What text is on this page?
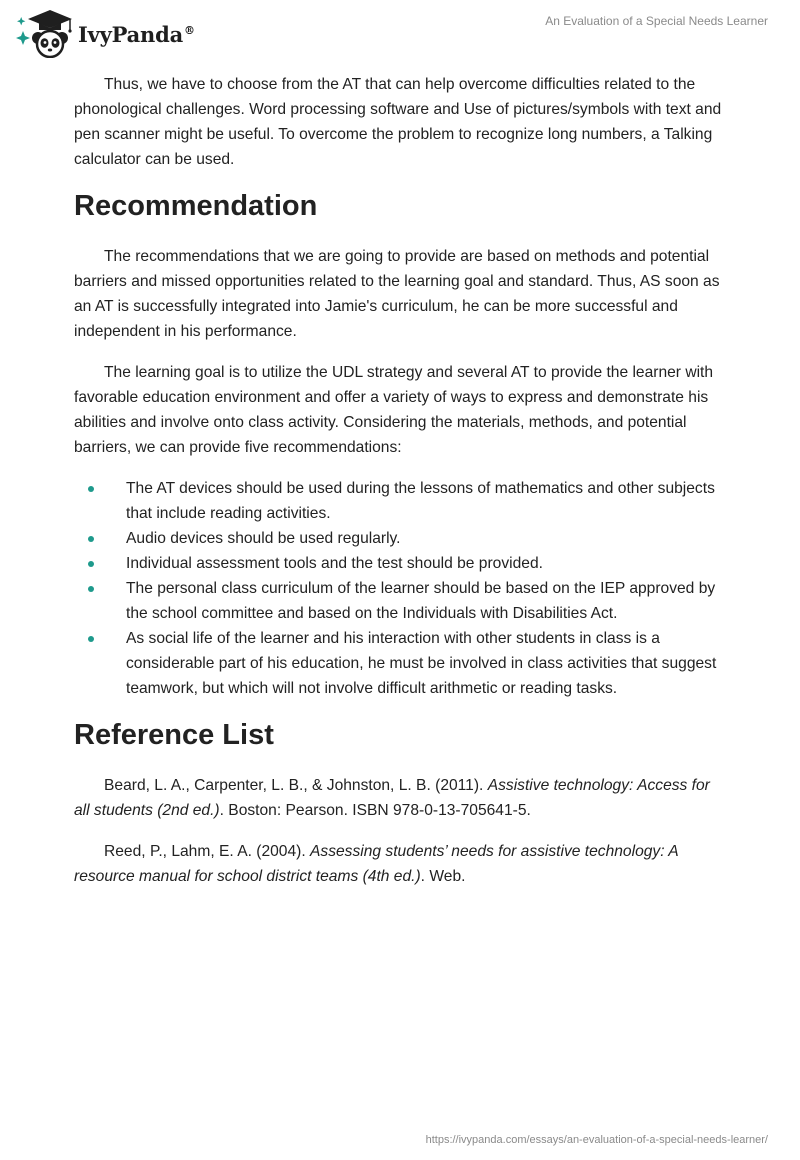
IvyPanda®
An Evaluation of a Special Needs Learner

Thus, we have to choose from the AT that can help overcome difficulties related to the phonological challenges. Word processing software and Use of pictures/symbols with text and pen scanner might be useful. To overcome the problem to recognize long numbers, a Talking calculator can be used.

Recommendation

The recommendations that we are going to provide are based on methods and potential barriers and missed opportunities related to the learning goal and standard. Thus, AS soon as an AT is successfully integrated into Jamie's curriculum, he can be more successful and independent in his performance.

The learning goal is to utilize the UDL strategy and several AT to provide the learner with favorable education environment and offer a variety of ways to express and demonstrate his abilities and involve onto class activity. Considering the materials, methods, and potential barriers, we can provide five recommendations:

The AT devices should be used during the lessons of mathematics and other subjects that include reading activities.
Audio devices should be used regularly.
Individual assessment tools and the test should be provided.
The personal class curriculum of the learner should be based on the IEP approved by the school committee and based on the Individuals with Disabilities Act.
As social life of the learner and his interaction with other students in class is a considerable part of his education, he must be involved in class activities that suggest teamwork, but which will not involve difficult arithmetic or reading tasks.
Reference List

Beard, L. A., Carpenter, L. B., & Johnston, L. B. (2011). Assistive technology: Access for all students (2nd ed.). Boston: Pearson. ISBN 978-0-13-705641-5.

Reed, P., Lahm, E. A. (2004). Assessing students’ needs for assistive technology: A resource manual for school district teams (4th ed.). Web.

https://ivypanda.com/essays/an-evaluation-of-a-special-needs-learner/
